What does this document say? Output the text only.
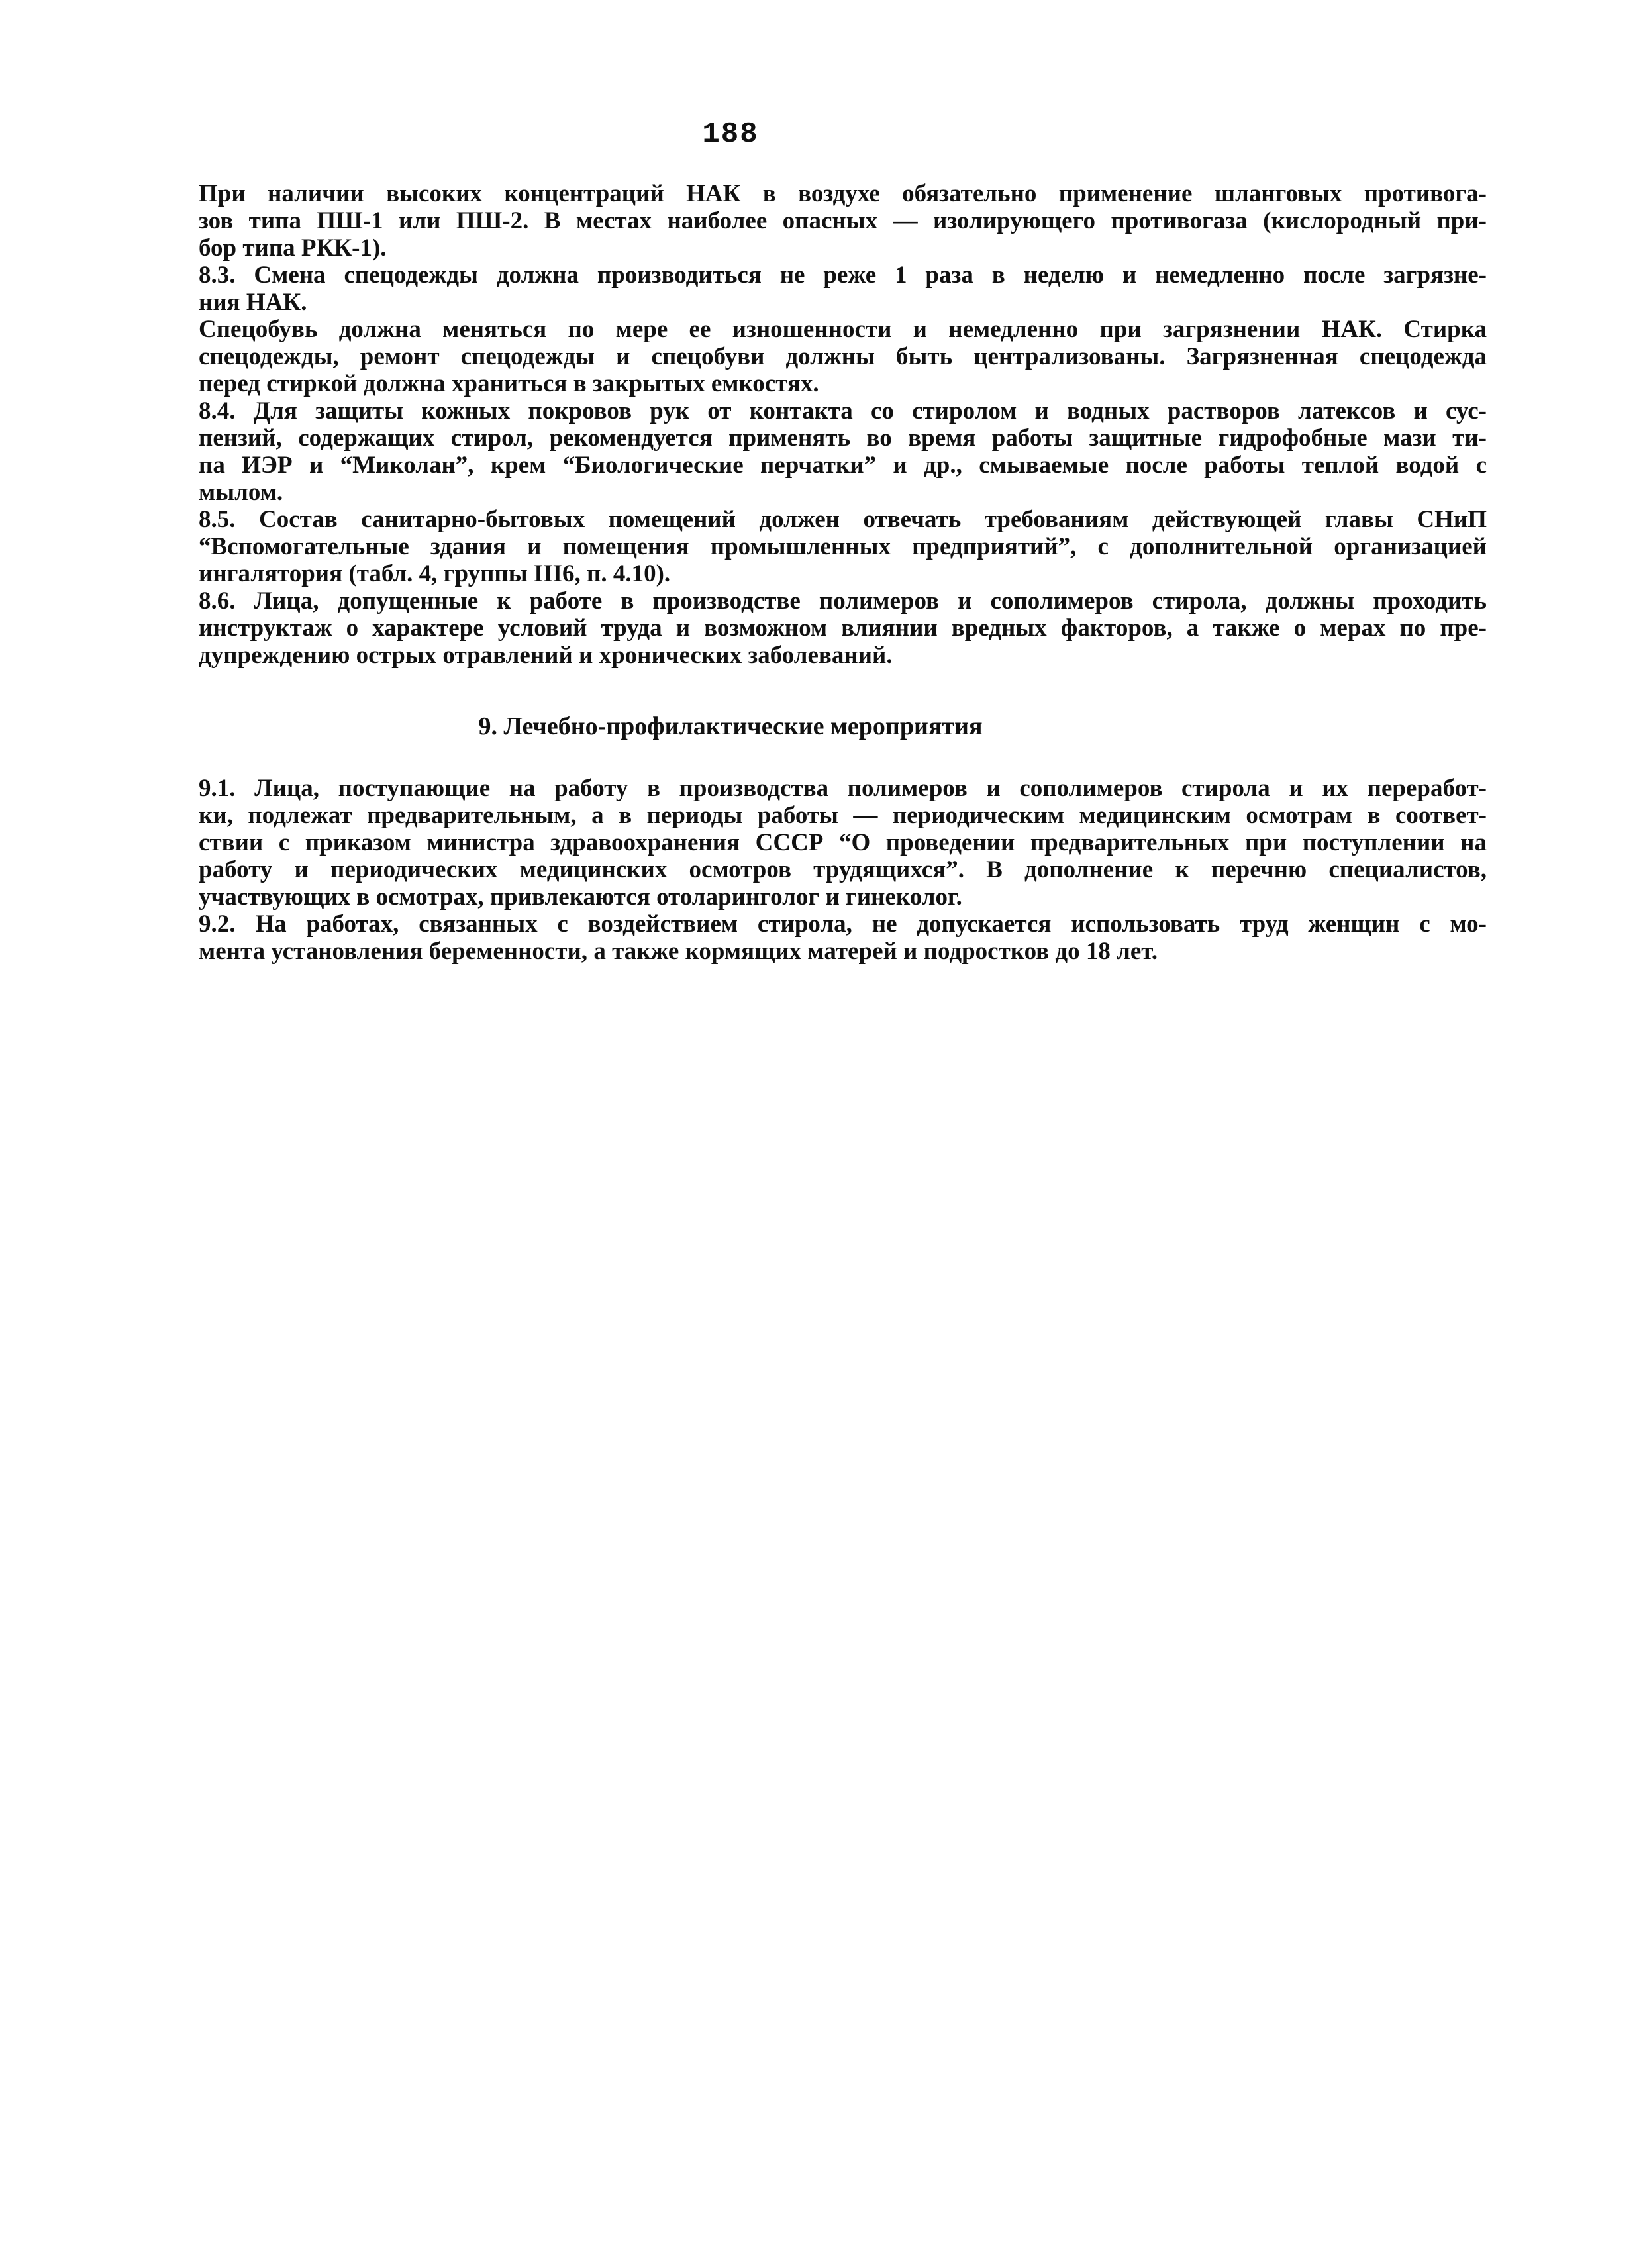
188
При наличии высоких концентраций НАК в воздухе обязательно применение шланговых противога-
зов типа ПШ-1 или ПШ-2. В местах наиболее опасных — изолирующего противогаза (кислородный при-
бор типа РКК-1).
8.3. Смена спецодежды должна производиться не реже 1 раза в неделю и немедленно после загрязне-
ния НАК.
Спецобувь должна меняться по мере ее изношенности и немедленно при загрязнении НАК. Стирка
спецодежды, ремонт спецодежды и спецобуви должны быть централизованы. Загрязненная спецодежда
перед стиркой должна храниться в закрытых емкостях.
8.4. Для защиты кожных покровов рук от контакта со стиролом и водных растворов латексов и сус-
пензий, содержащих стирол, рекомендуется применять во время работы защитные гидрофобные мази ти-
па ИЭР и “Миколан”, крем “Биологические перчатки” и др., смываемые после работы теплой водой с
мылом.
8.5. Состав санитарно-бытовых помещений должен отвечать требованиям действующей главы СНиП
“Вспомогательные здания и помещения промышленных предприятий”, с дополнительной организацией
ингалятория (табл. 4, группы III6, п. 4.10).
8.6. Лица, допущенные к работе в производстве полимеров и сополимеров стирола, должны проходить
инструктаж о характере условий труда и возможном влиянии вредных факторов, а также о мерах по пре-
дупреждению острых отравлений и хронических заболеваний.
9. Лечебно-профилактические мероприятия
9.1. Лица, поступающие на работу в производства полимеров и сополимеров стирола и их переработ-
ки, подлежат предварительным, а в периоды работы — периодическим медицинским осмотрам в соответ-
ствии с приказом министра здравоохранения СССР “О проведении предварительных при поступлении на
работу и периодических медицинских осмотров трудящихся”. В дополнение к перечню специалистов,
участвующих в осмотрах, привлекаются отоларинголог и гинеколог.
9.2. На работах, связанных с воздействием стирола, не допускается использовать труд женщин с мо-
мента установления беременности, а также кормящих матерей и подростков до 18 лет.
